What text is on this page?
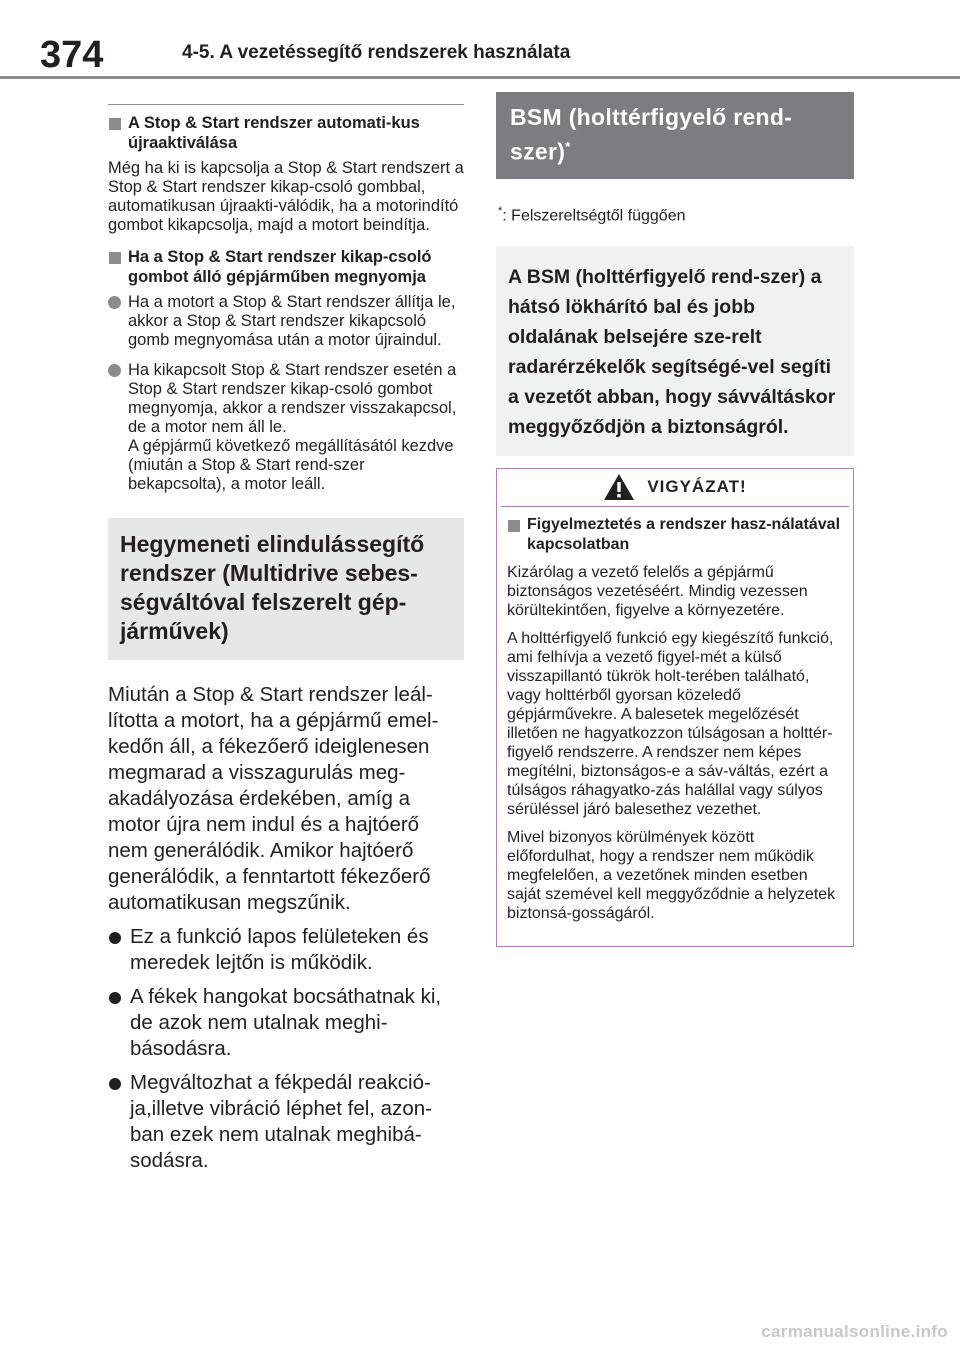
374	4-5. A vezetéssegítő rendszerek használata
A Stop & Start rendszer automati-kus újraaktiválása

Még ha ki is kapcsolja a Stop & Start rendszert a Stop & Start rendszer kikap-csoló gombbal, automatikusan újraakti-válódik, ha a motorindító gombot kikapcsolja, majd a motort beindítja.

Ha a Stop & Start rendszer kikap-csoló gombot álló gépjárműben megnyomja
Ha a motort a Stop & Start rendszer állítja le, akkor a Stop & Start rendszer kikapcsoló gomb megnyomása után a motor újraindul.
Ha kikapcsolt Stop & Start rendszer esetén a Stop & Start rendszer kikap-csoló gombot megnyomja, akkor a rendszer visszakapcsol, de a motor nem áll le.
A gépjármű következő megállításától kezdve (miután a Stop & Start rend-szer bekapcsolta), a motor leáll.
Hegymeneti elindulássegítő rendszer (Multidrive sebes-ségváltóval felszerelt gép-járművek)

Miután a Stop & Start rendszer leál-lította a motort, ha a gépjármű emel-kedőn áll, a fékezőerő ideiglenesen megmarad a visszagurulás meg-akadályozása érdekében, amíg a motor újra nem indul és a hajtóerő nem generálódik. Amikor hajtóerő generálódik, a fenntartott fékezőerő automatikusan megszűnik.

Ez a funkció lapos felületeken és meredek lejtőn is működik.
A fékek hangokat bocsáthatnak ki, de azok nem utalnak meghi-básodásra.
Megváltozhat a fékpedál reakció-ja,illetve vibráció léphet fel, azon-ban ezek nem utalnak meghibá-sodásra.
BSM (holttérfigyelő rend-szer)*
*: Felszereltségtől függően
A BSM (holttérfigyelő rend-szer) a hátsó lökhárító bal és jobb oldalának belsejére sze-relt radarérzékelők segítségé-vel segíti a vezetőt abban, hogy sávváltáskor meggyőződjön a biztonságról.
VIGYÁZAT!
Figyelmeztetés a rendszer hasz-nálatával kapcsolatban

Kizárólag a vezető felelős a gépjármű biztonságos vezetéséért. Mindig vezessen körültekintően, figyelve a környezetére.

A holttérfigyelő funkció egy kiegészítő funkció, ami felhívja a vezető figyel-mét a külső visszapillantó tükrök holt-terében található, vagy holttérből gyorsan közeledő gépjárművekre. A balesetek megelőzését illetően ne hagyatkozzon túlságosan a holttér-figyelő rendszerre. A rendszer nem képes megítélni, biztonságos-e a sáv-váltás, ezért a túlságos ráhagyatko-zás halállal vagy súlyos sérüléssel járó balesethez vezethet.

Mivel bizonyos körülmények között előfordulhat, hogy a rendszer nem működik megfelelően, a vezetőnek minden esetben saját szemével kell meggyőződnie a helyzetek biztonsá-gosságáról.

carmanualsonline.info
